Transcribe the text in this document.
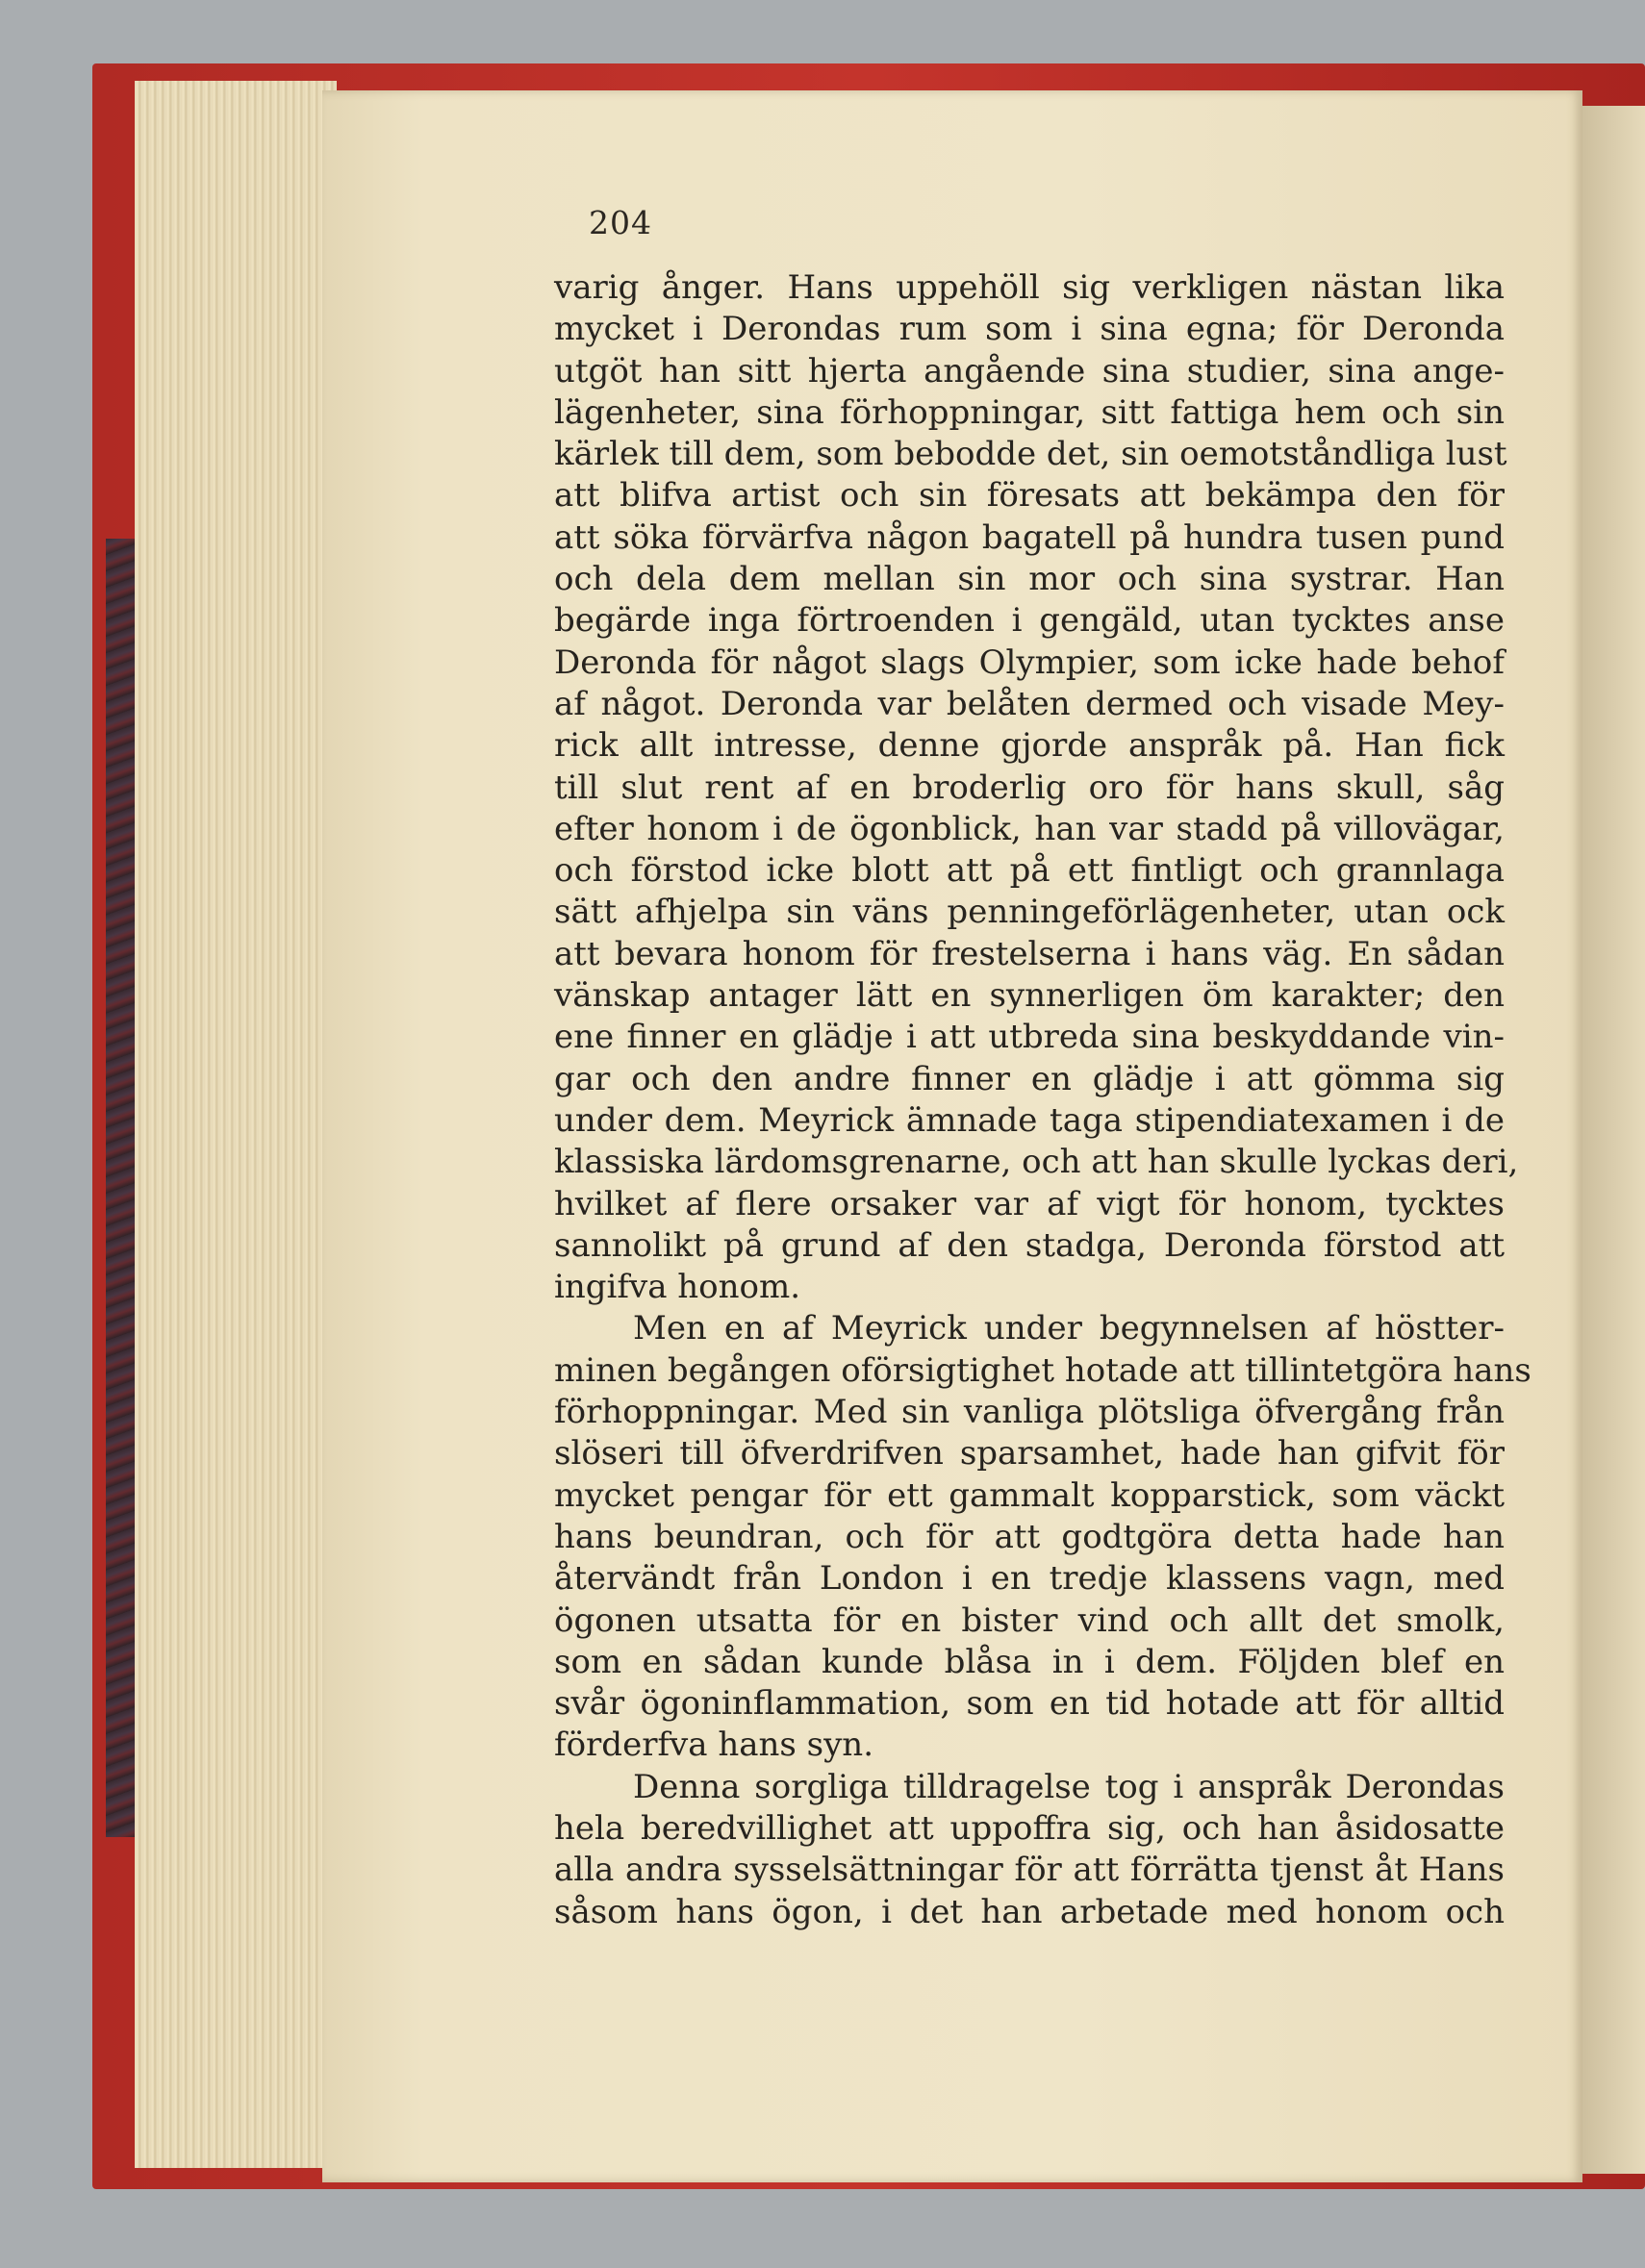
204
varig ånger. Hans uppehöll sig verkligen nästan lika
mycket i Derondas rum som i sina egna; för Deronda
utgöt han sitt hjerta angående sina studier, sina ange-
lägenheter, sina förhoppningar, sitt fattiga hem och sin
kärlek till dem, som bebodde det, sin oemotståndliga lust
att blifva artist och sin föresats att bekämpa den för
att söka förvärfva någon bagatell på hundra tusen pund
och dela dem mellan sin mor och sina systrar. Han
begärde inga förtroenden i gengäld, utan tycktes anse
Deronda för något slags Olympier, som icke hade behof
af något. Deronda var belåten dermed och visade Mey-
rick allt intresse, denne gjorde anspråk på. Han fick
till slut rent af en broderlig oro för hans skull, såg
efter honom i de ögonblick, han var stadd på villovägar,
och förstod icke blott att på ett fintligt och grannlaga
sätt afhjelpa sin väns penningeförlägenheter, utan ock
att bevara honom för frestelserna i hans väg. En sådan
vänskap antager lätt en synnerligen öm karakter; den
ene finner en glädje i att utbreda sina beskyddande vin-
gar och den andre finner en glädje i att gömma sig
under dem. Meyrick ämnade taga stipendiatexamen i de
klassiska lärdomsgrenarne, och att han skulle lyckas deri,
hvilket af flere orsaker var af vigt för honom, tycktes
sannolikt på grund af den stadga, Deronda förstod att
ingifva honom.
Men en af Meyrick under begynnelsen af höstter-
minen begången oförsigtighet hotade att tillintetgöra hans
förhoppningar. Med sin vanliga plötsliga öfvergång från
slöseri till öfverdrifven sparsamhet, hade han gifvit för
mycket pengar för ett gammalt kopparstick, som väckt
hans beundran, och för att godtgöra detta hade han
återvändt från London i en tredje klassens vagn, med
ögonen utsatta för en bister vind och allt det smolk,
som en sådan kunde blåsa in i dem. Följden blef en
svår ögoninflammation, som en tid hotade att för alltid
förderfva hans syn.
Denna sorgliga tilldragelse tog i anspråk Derondas
hela beredvillighet att uppoffra sig, och han åsidosatte
alla andra sysselsättningar för att förrätta tjenst åt Hans
såsom hans ögon, i det han arbetade med honom och
